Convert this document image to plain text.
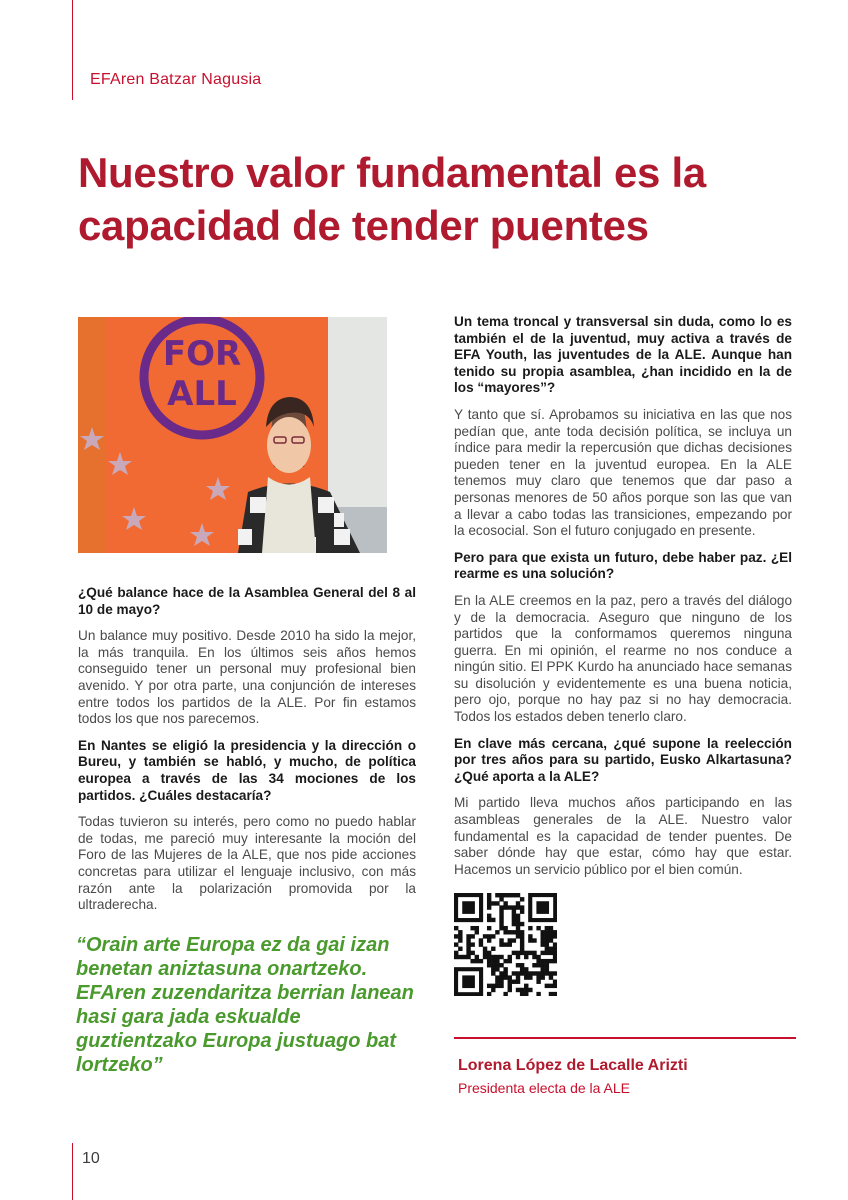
EFAren Batzar Nagusia
Nuestro valor fundamental es la capacidad de tender puentes
FOR
ALL

¿Qué balance hace de la Asamblea General del 8 al 10 de mayo?

Un balance muy positivo. Desde 2010 ha sido la mejor, la más tranquila. En los últimos seis años hemos conseguido tener un personal muy profesional bien avenido. Y por otra parte, una conjunción de intereses entre todos los partidos de la ALE. Por fin estamos todos los que nos parecemos.

En Nantes se eligió la presidencia y la dirección o Bureu, y también se habló, y mucho, de política europea a través de las 34 mociones de los partidos. ¿Cuáles destacaría?

Todas tuvieron su interés, pero como no puedo hablar de todas, me pareció muy interesante la moción del Foro de las Mujeres de la ALE, que nos pide acciones concretas para utilizar el lenguaje inclusivo, con más razón ante la polarización promovida por la ultraderecha.

Un tema troncal y transversal sin duda, como lo es también el de la juventud, muy activa a través de EFA Youth, las juventudes de la ALE. Aunque han tenido su propia asamblea, ¿han incidido en la de los “mayores”?

Y tanto que sí. Aprobamos su iniciativa en las que nos pedían que, ante toda decisión política, se incluya un índice para medir la repercusión que dichas decisiones pueden tener en la juventud europea. En la ALE tenemos muy claro que tenemos que dar paso a personas menores de 50 años porque son las que van a llevar a cabo todas las transiciones, empezando por la ecosocial. Son el futuro conjugado en presente.

Pero para que exista un futuro, debe haber paz. ¿El rearme es una solución?

En la ALE creemos en la paz, pero a través del diálogo y de la democracia. Aseguro que ninguno de los partidos que la conformamos queremos ninguna guerra. En mi opinión, el rearme no nos conduce a ningún sitio. El PPK Kurdo ha anunciado hace semanas su disolución y evidentemente es una buena noticia, pero ojo, porque no hay paz si no hay democracia. Todos los estados deben tenerlo claro.

En clave más cercana, ¿qué supone la reelección por tres años para su partido, Eusko Alkartasuna? ¿Qué aporta a la ALE?

Mi partido lleva muchos años participando en las asambleas generales de la ALE. Nuestro valor fundamental es la capacidad de tender puentes. De saber dónde hay que estar, cómo hay que estar. Hacemos un servicio público por el bien común.

“Orain arte Europa ez da gai izan benetan aniztasuna onartzeko. EFAren zuzendaritza berrian lanean hasi gara jada eskualde guztientzako Europa justuago bat lortzeko”	Lorena López de Lacalle Arizti
Presidenta electa de la ALE
10
